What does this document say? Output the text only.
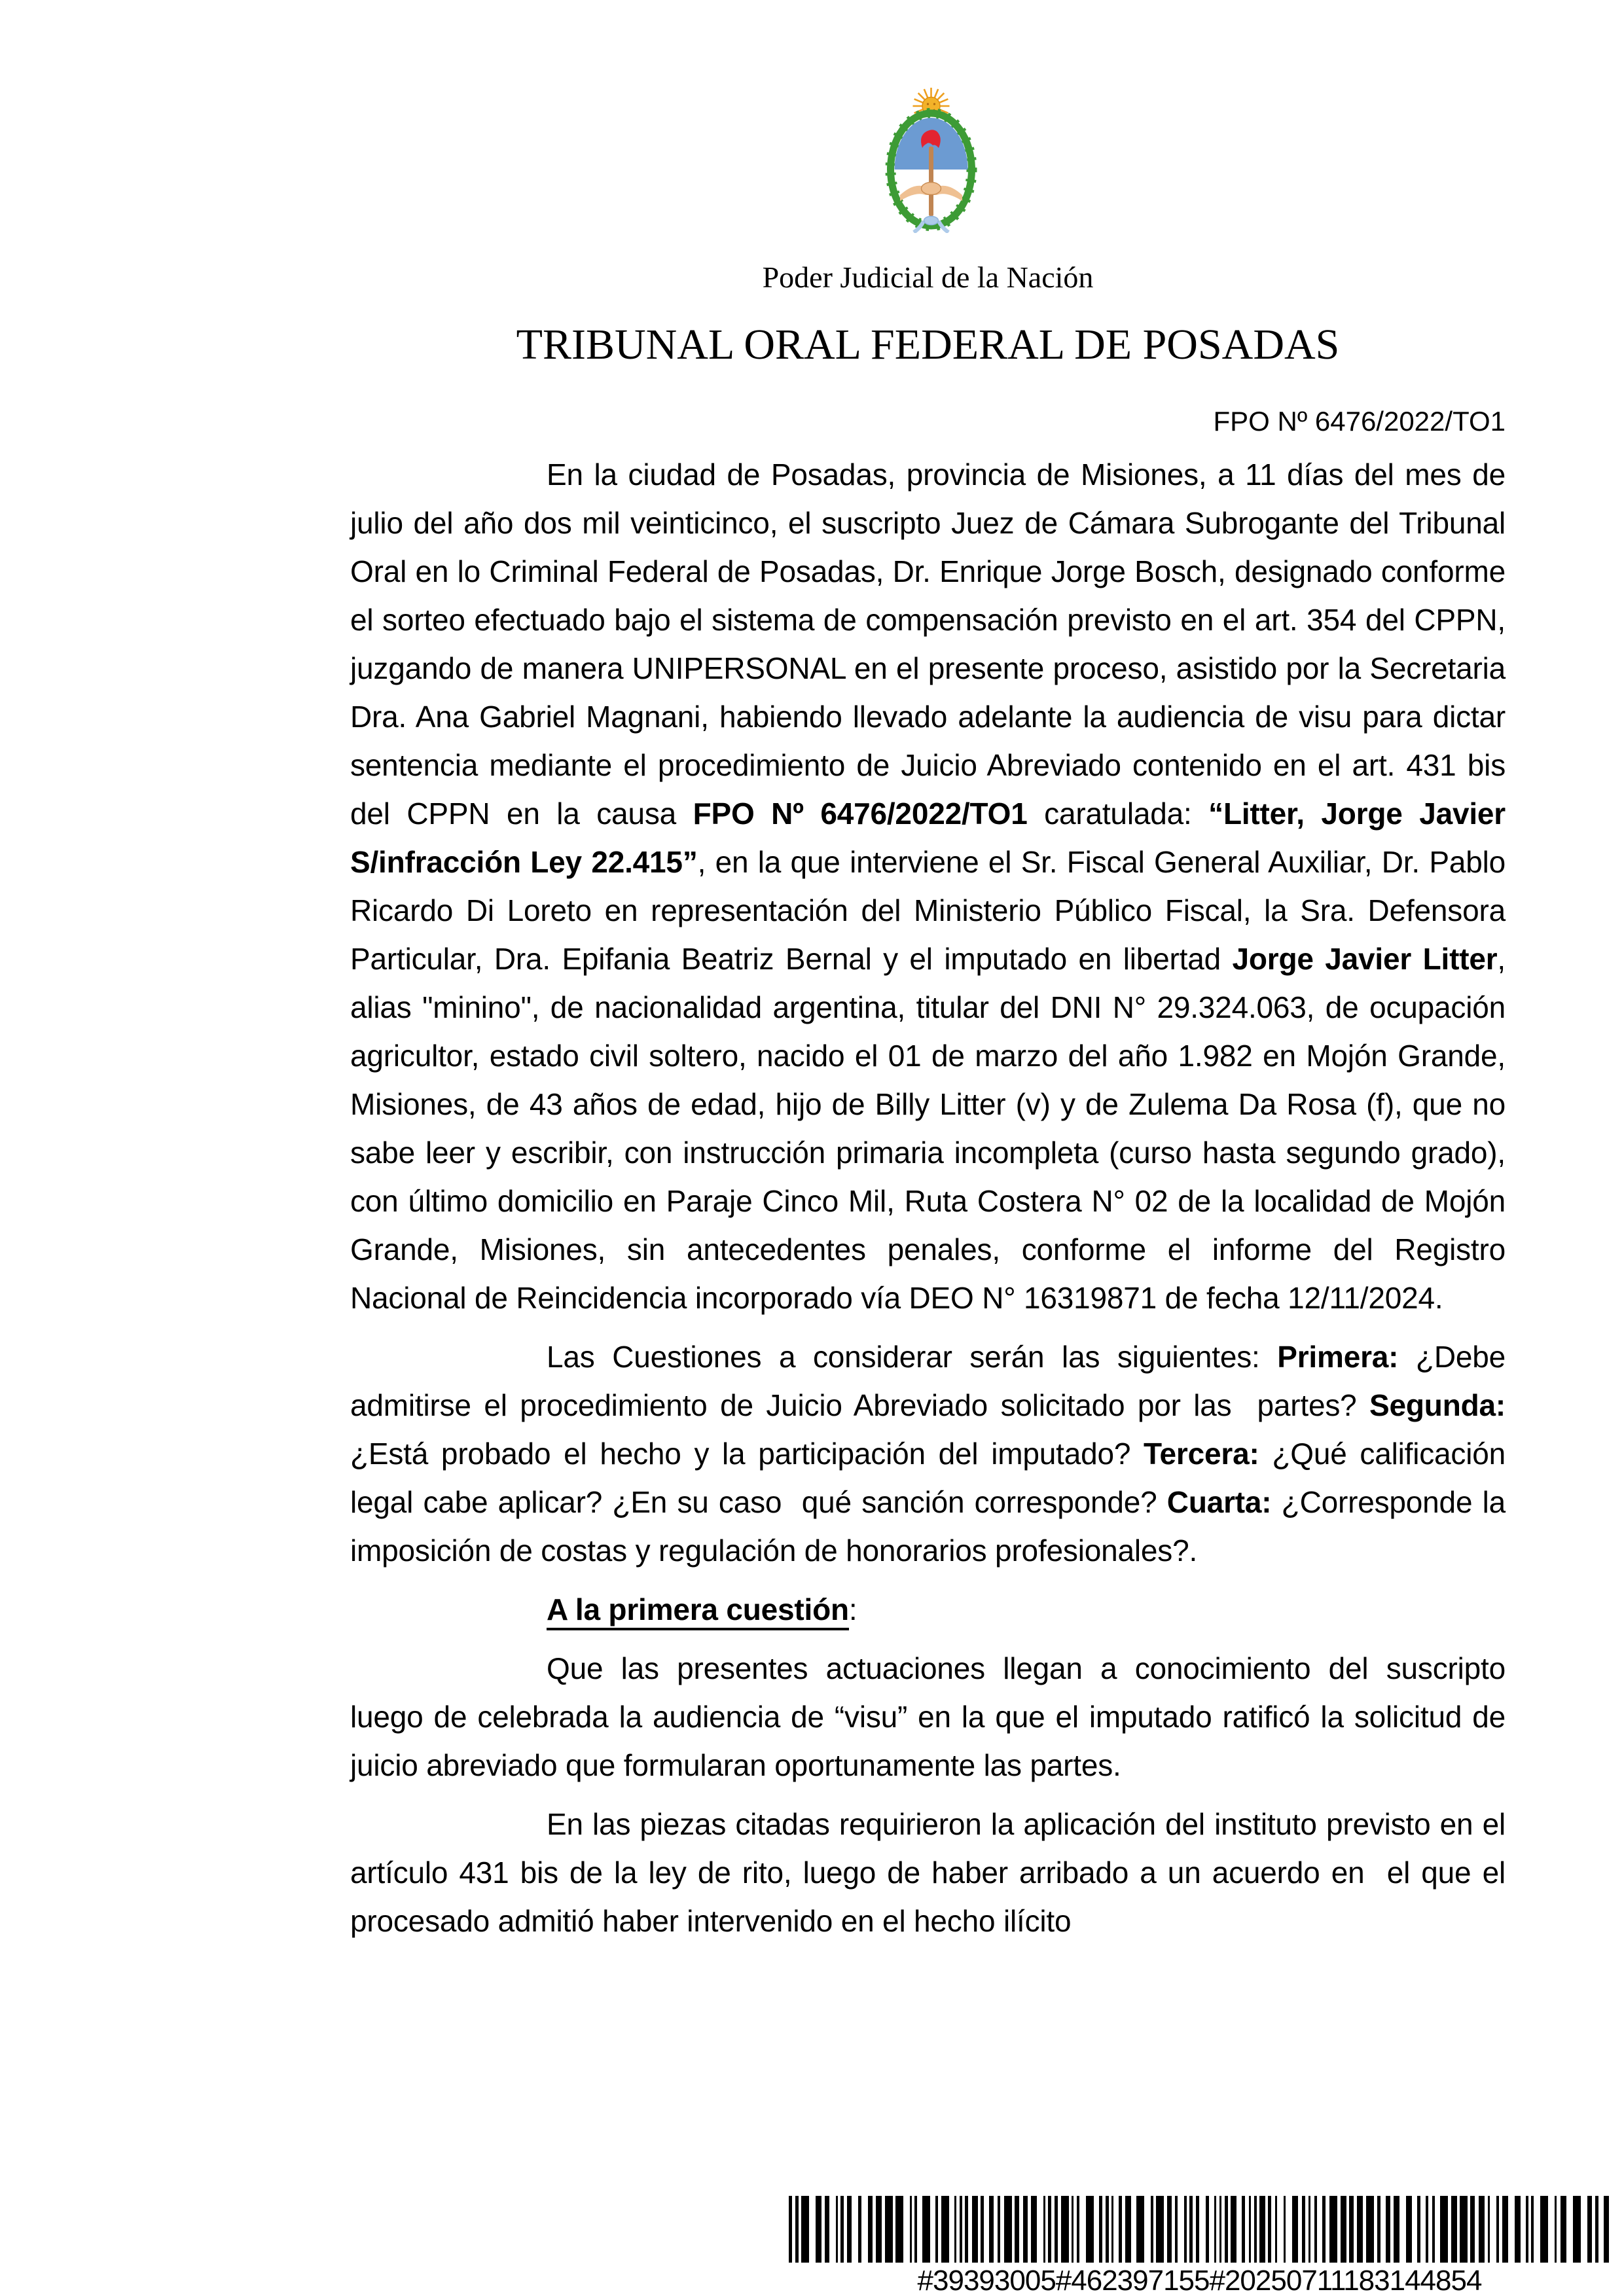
Poder Judicial de la Nación
TRIBUNAL ORAL FEDERAL DE POSADAS
FPO Nº 6476/2022/TO1

En la ciudad de Posadas, provincia de Misiones, a 11 días del mes de julio del año dos mil veinticinco, el suscripto Juez de Cámara Subrogante del Tribunal Oral en lo Criminal Federal de Posadas, Dr. Enrique Jorge Bosch, designado conforme el sorteo efectuado bajo el sistema de compensación previsto en el art. 354 del CPPN, juzgando de manera UNIPERSONAL en el presente proceso, asistido por la Secretaria Dra. Ana Gabriel Magnani, habiendo llevado adelante la audiencia de visu para dictar sentencia mediante el procedimiento de Juicio Abreviado contenido en el art. 431 bis del CPPN en la causa FPO Nº 6476/2022/TO1 caratulada: “Litter, Jorge Javier S/infracción Ley 22.415”, en la que interviene el Sr. Fiscal General Auxiliar, Dr. Pablo Ricardo Di Loreto en representación del Ministerio Público Fiscal, la Sra. Defensora Particular, Dra. Epifania Beatriz Bernal y el imputado en libertad Jorge Javier Litter, alias "minino", de nacionalidad argentina, titular del DNI N° 29.324.063, de ocupación agricultor, estado civil soltero, nacido el 01 de marzo del año 1.982 en Mojón Grande, Misiones, de 43 años de edad, hijo de Billy Litter (v) y de Zulema Da Rosa (f), que no sabe leer y escribir, con instrucción primaria incompleta (curso hasta segundo grado), con último domicilio en Paraje Cinco Mil, Ruta Costera N° 02 de la localidad de Mojón Grande, Misiones, sin antecedentes penales, conforme el informe del Registro Nacional de Reincidencia incorporado vía DEO N° 16319871 de fecha 12/11/2024.

Las Cuestiones a considerar serán las siguientes: Primera: ¿Debe admitirse el procedimiento de Juicio Abreviado solicitado por las  partes? Segunda: ¿Está probado el hecho y la participación del imputado? Tercera: ¿Qué calificación legal cabe aplicar? ¿En su caso  qué sanción corresponde? Cuarta: ¿Corresponde la imposición de costas y regulación de honorarios profesionales?.

A la primera cuestión:

Que las presentes actuaciones llegan a conocimiento del suscripto luego de celebrada la audiencia de “visu” en la que el imputado ratificó la solicitud de juicio abreviado que formularan oportunamente las partes.

En las piezas citadas requirieron la aplicación del instituto previsto en el artículo 431 bis de la ley de rito, luego de haber arribado a un acuerdo en  el que el procesado admitió haber intervenido en el hecho ilícito

#39393005#462397155#20250711183144854
